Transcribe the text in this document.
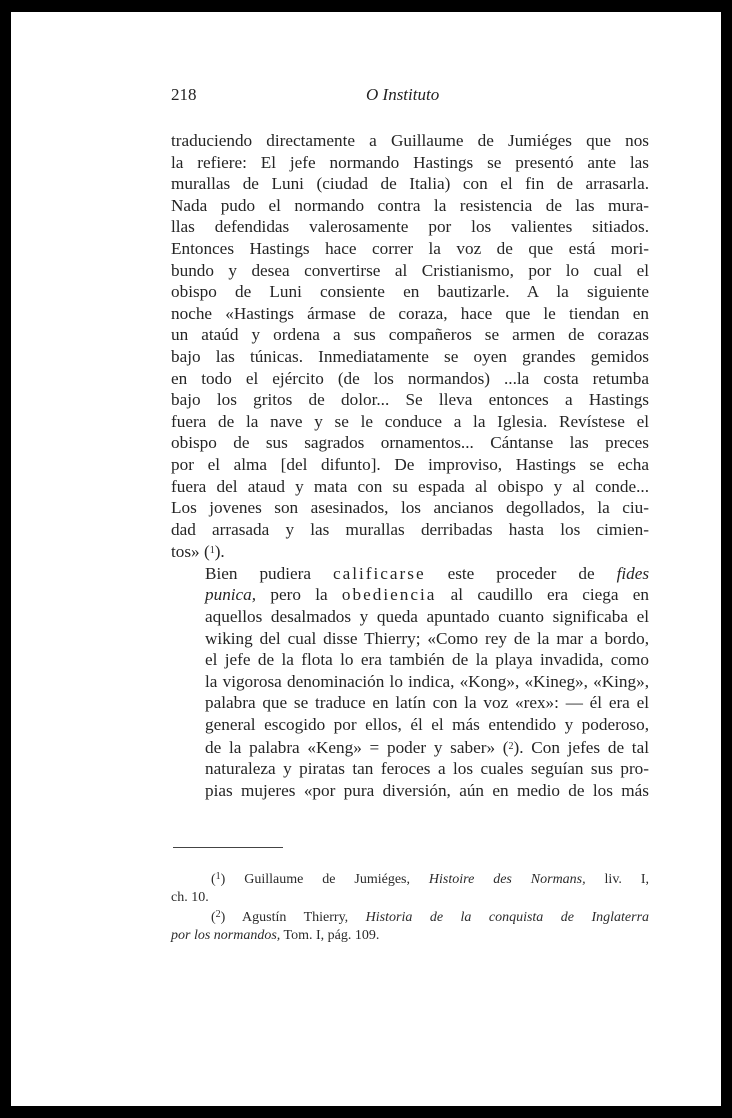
218	O Instituto

traduciendo directamente a Guillaume de Jumiéges que nos
la refiere: El jefe normando Hastings se presentó ante las
murallas de Luni (ciudad de Italia) con el fin de arrasarla.
Nada pudo el normando contra la resistencia de las mura-
llas defendidas valerosamente por los valientes sitiados.
Entonces Hastings hace correr la voz de que está mori-
bundo y desea convertirse al Cristianismo, por lo cual el
obispo de Luni consiente en bautizarle. A la siguiente
noche «Hastings ármase de coraza, hace que le tiendan en
un ataúd y ordena a sus compañeros se armen de corazas
bajo las túnicas. Inmediatamente se oyen grandes gemidos
en todo el ejército (de los normandos) ...la costa retumba
bajo los gritos de dolor... Se lleva entonces a Hastings
fuera de la nave y se le conduce a la Iglesia. Revístese el
obispo de sus sagrados ornamentos... Cántanse las preces
por el alma [del difunto]. De improviso, Hastings se echa
fuera del ataud y mata con su espada al obispo y al conde...
Los jovenes son asesinados, los ancianos degollados, la ciu-
dad arrasada y las murallas derribadas hasta los cimien-
tos» ($^1$).

Bien pudiera calificarse este proceder de fides
punica, pero la obediencia al caudillo era ciega en
aquellos desalmados y queda apuntado cuanto significaba el
wiking del cual disse Thierry; «Como rey de la mar a bordo,
el jefe de la flota lo era también de la playa invadida, como
la vigorosa denominación lo indica, «Kong», «Kineg», «King»,
palabra que se traduce en latín con la voz «rex»: — él era el
general escogido por ellos, él el más entendido y poderoso,
de la palabra «Keng» = poder y saber» ($^2$). Con jefes de tal
naturaleza y piratas tan feroces a los cuales seguían sus pro-
pias mujeres «por pura diversión, aún en medio de los más

($^1$) Guillaume de Jumiéges, Histoire des Normans, liv. I,
ch. 10.

($^2$) Agustín Thierry, Historia de la conquista de Inglaterra
por los normandos, Tom. I, pág. 109.
